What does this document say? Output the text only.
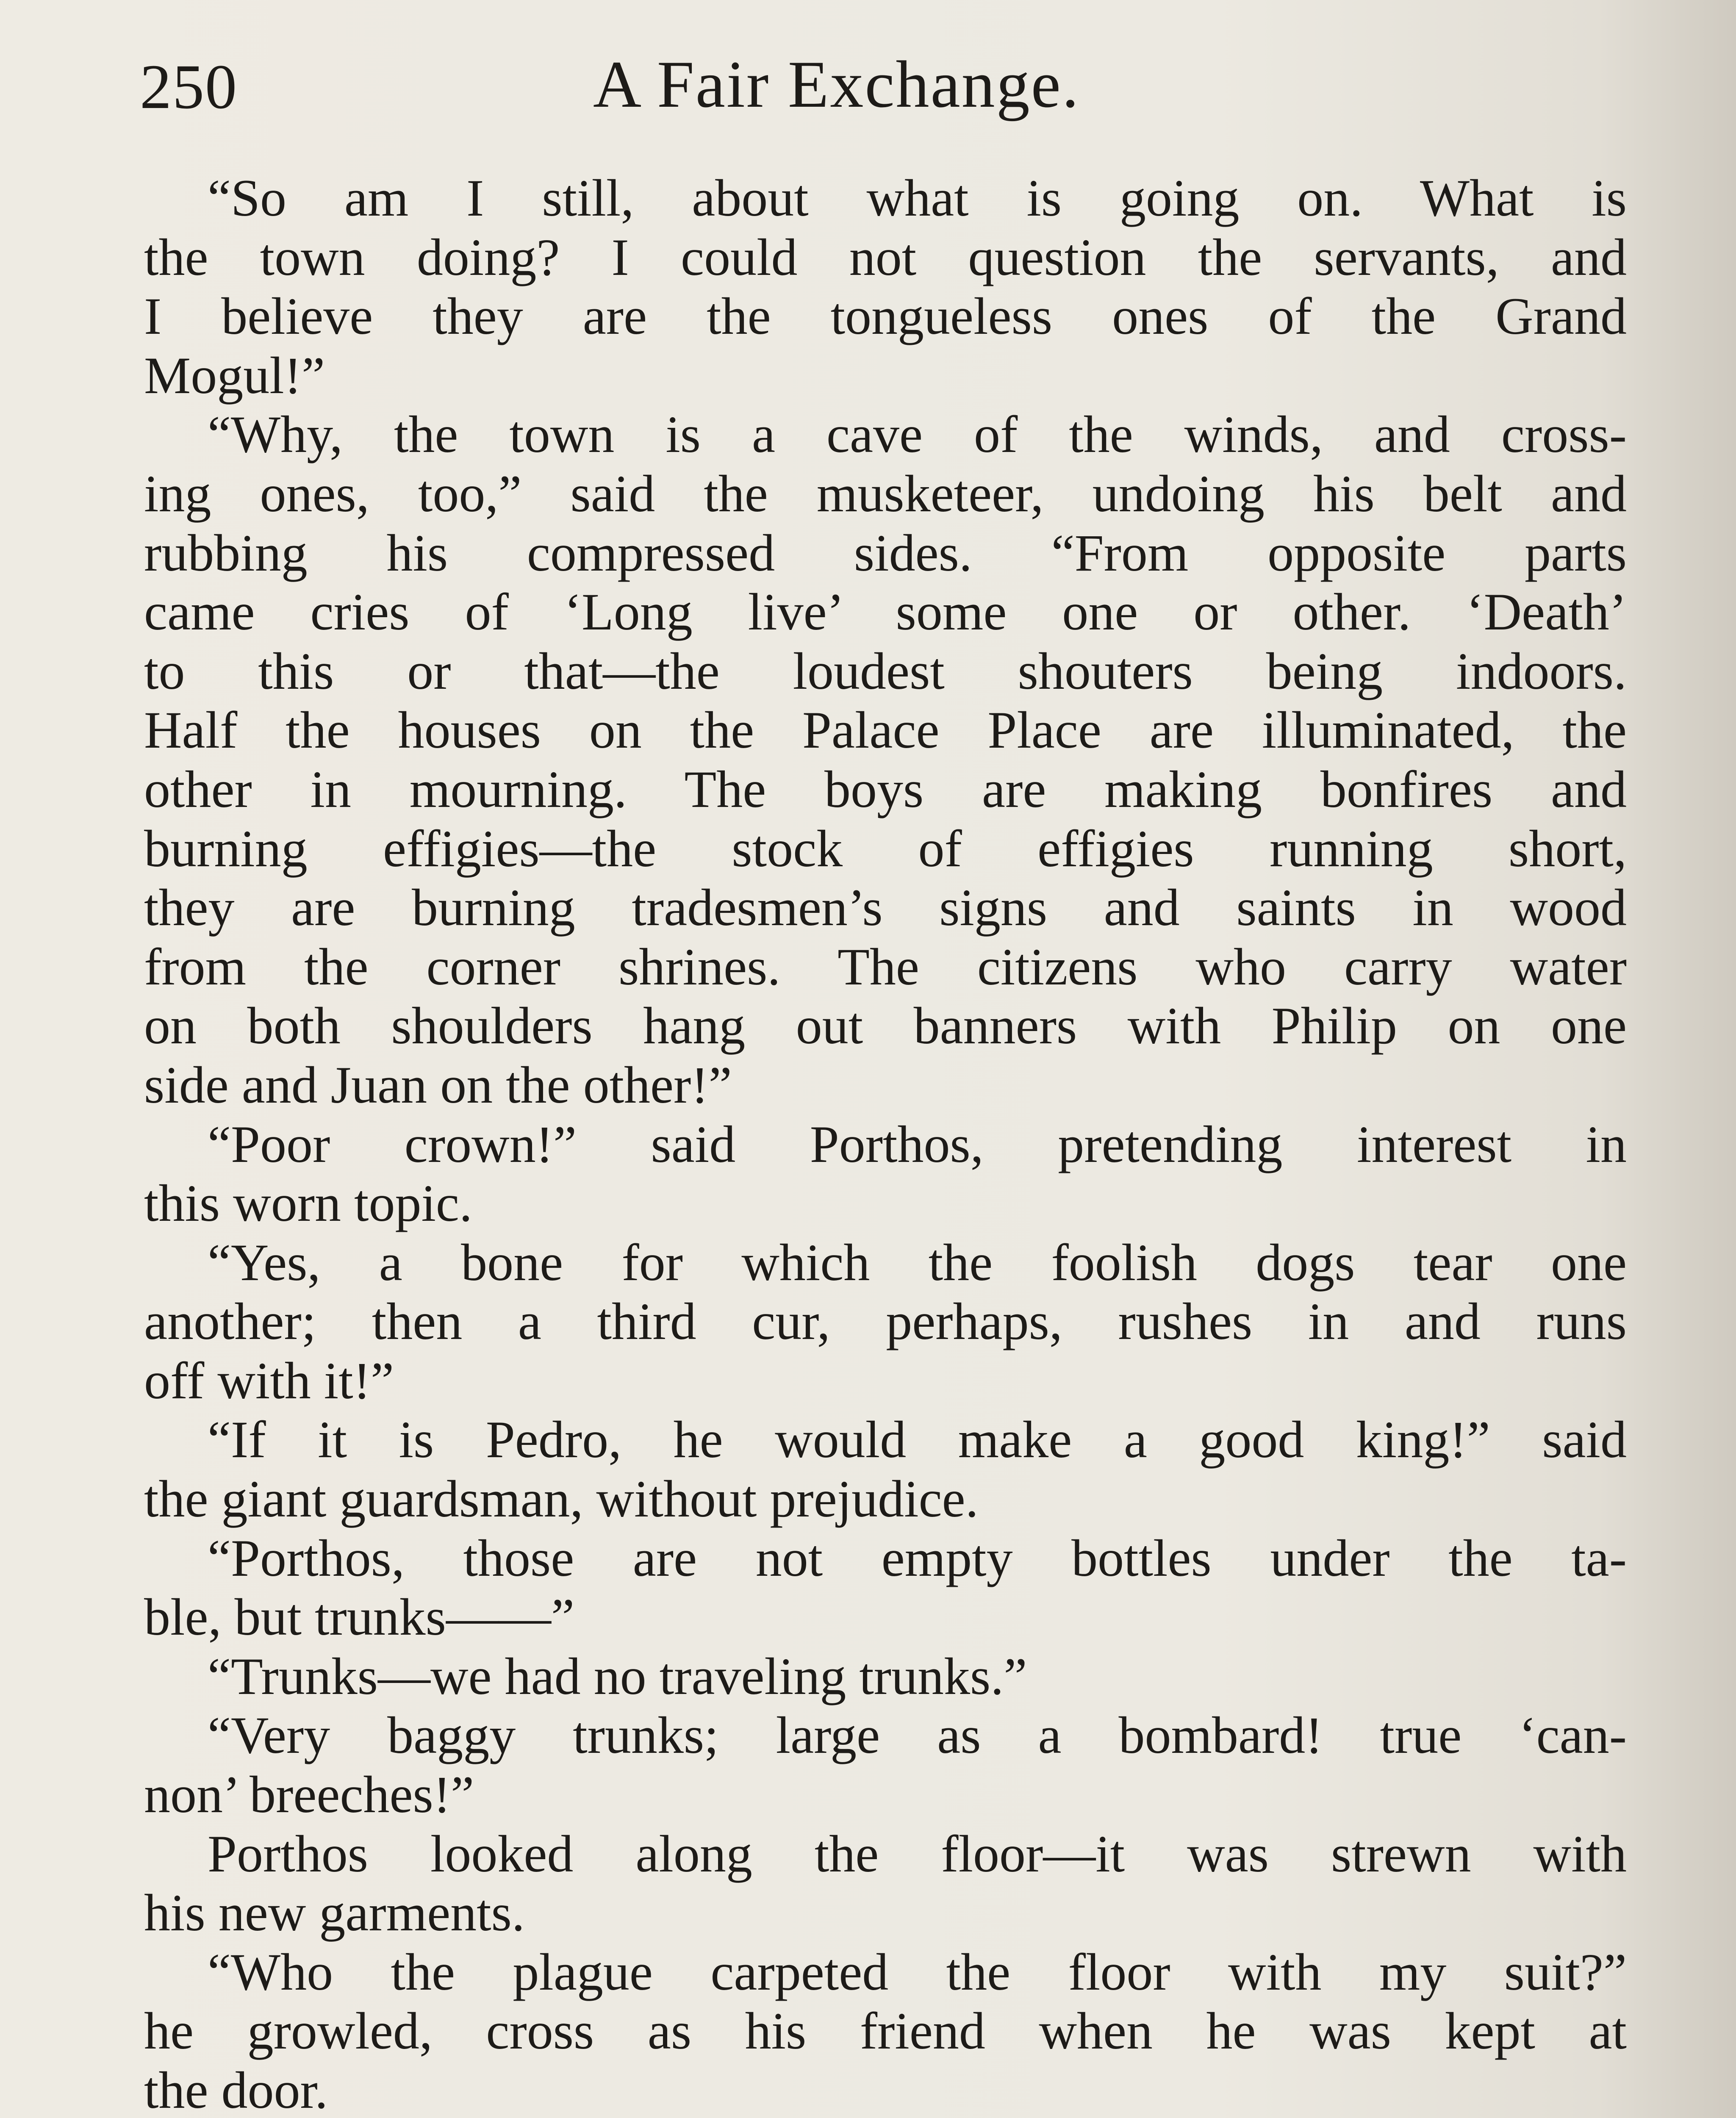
250	A Fair Exchange.
“So am I still, about what is going on. What is
the town doing? I could not question the servants, and
I believe they are the tongueless ones of the Grand
Mogul!”
“Why, the town is a cave of the winds, and cross-
ing ones, too,” said the musketeer, undoing his belt and
rubbing his compressed sides. “From opposite parts
came cries of ‘Long live’ some one or other. ‘Death’
to this or that—the loudest shouters being indoors.
Half the houses on the Palace Place are illuminated, the
other in mourning. The boys are making bonfires and
burning effigies—the stock of effigies running short,
they are burning tradesmen’s signs and saints in wood
from the corner shrines. The citizens who carry water
on both shoulders hang out banners with Philip on one
side and Juan on the other!”
“Poor crown!” said Porthos, pretending interest in
this worn topic.
“Yes, a bone for which the foolish dogs tear one
another; then a third cur, perhaps, rushes in and runs
off with it!”
“If it is Pedro, he would make a good king!” said
the giant guardsman, without prejudice.
“Porthos, those are not empty bottles under the ta-
ble, but trunks——”
“Trunks—we had no traveling trunks.”
“Very baggy trunks; large as a bombard! true ‘can-
non’ breeches!”
Porthos looked along the floor—it was strewn with
his new garments.
“Who the plague carpeted the floor with my suit?”
he growled, cross as his friend when he was kept at
the door.
